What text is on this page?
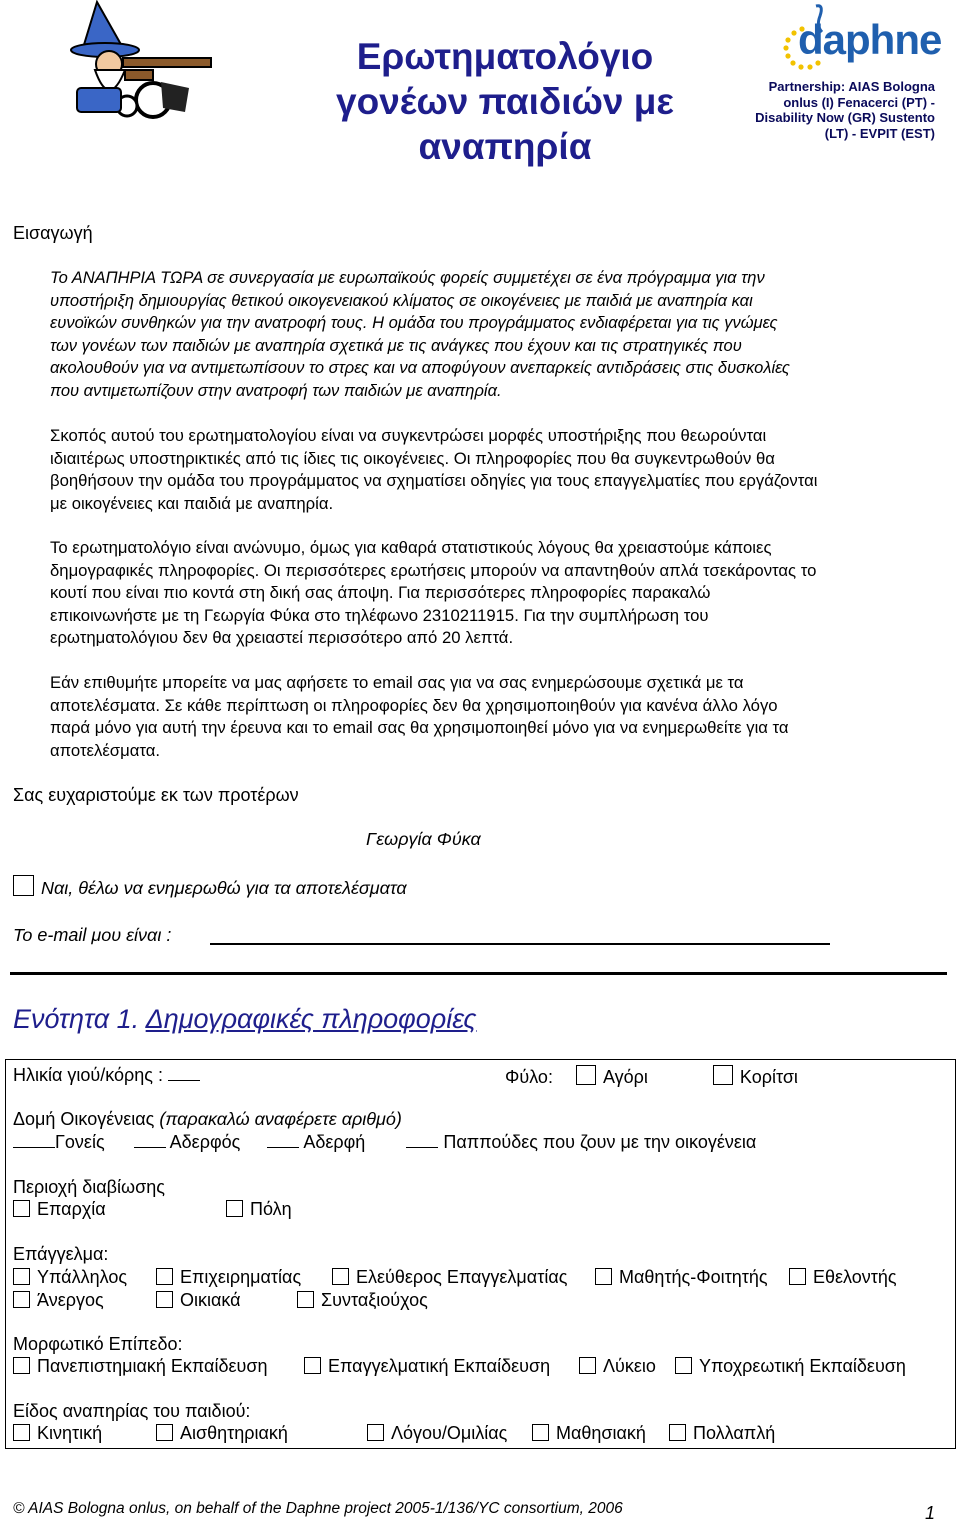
Ερωτηματολόγιο
γονέων παιδιών με
αναπηρία
daphne
Partnership: AIAS Bologna
onlus (I) Fenacerci (PT) -
Disability Now (GR) Sustento
(LT) - EVPIT (EST)
Εισαγωγή
Το ΑΝΑΠΗΡΙΑ ΤΩΡΑ σε συνεργασία με ευρωπαϊκούς φορείς συμμετέχει σε ένα πρόγραμμα για την
υποστήριξη δημιουργίας θετικού οικογενειακού κλίματος σε οικογένειες με παιδιά με αναπηρία και
ευνοϊκών συνθηκών για την ανατροφή τους. Η ομάδα του προγράμματος ενδιαφέρεται για τις γνώμες
των γονέων των παιδιών με αναπηρία σχετικά με τις ανάγκες που έχουν και τις στρατηγικές που
ακολουθούν για να αντιμετωπίσουν το στρες και να αποφύγουν ανεπαρκείς αντιδράσεις στις δυσκολίες
που αντιμετωπίζουν στην ανατροφή των παιδιών με αναπηρία.
Σκοπός αυτού του ερωτηματολογίου είναι να συγκεντρώσει μορφές υποστήριξης που θεωρούνται
ιδιαιτέρως υποστηρικτικές από τις ίδιες τις οικογένειες. Οι πληροφορίες που θα συγκεντρωθούν θα
βοηθήσουν την ομάδα του προγράμματος να σχηματίσει οδηγίες για τους επαγγελματίες που εργάζονται
με οικογένειες και παιδιά με αναπηρία.
Το ερωτηματολόγιο είναι ανώνυμο, όμως για καθαρά στατιστικούς λόγους θα χρειαστούμε κάποιες
δημογραφικές πληροφορίες. Οι περισσότερες ερωτήσεις μπορούν να απαντηθούν απλά τσεκάροντας το
κουτί που είναι πιο κοντά στη δική σας άποψη. Για περισσότερες πληροφορίες παρακαλώ
επικοινωνήστε με τη Γεωργία Φύκα στο τηλέφωνο 2310211915. Για την συμπλήρωση του
ερωτηματολόγιου δεν θα χρειαστεί περισσότερο από 20 λεπτά.
Εάν επιθυμήτε μπορείτε να μας αφήσετε το email σας για να σας ενημερώσουμε σχετικά με τα
αποτελέσματα. Σε κάθε περίπτωση οι πληροφορίες δεν θα χρησιμοποιηθούν για κανένα άλλο λόγο
παρά μόνο για αυτή την έρευνα και το email σας θα χρησιμοποιηθεί μόνο για να ενημερωθείτε για τα
αποτελέσματα.
Σας ευχαριστούμε εκ των προτέρων
Γεωργία Φύκα
Ναι, θέλω να ενημερωθώ για τα αποτελέσματα
Το e-mail μου είναι :
Ενότητα 1. Δημογραφικές πληροφορίες
Ηλικία γιού/κόρης :	Φύλο:	Αγόρι	Κορίτσι
Δομή Οικογένειας (παρακαλώ αναφέρετε αριθμό)
Γονείς	Αδερφός	Αδερφή	Παππούδες που ζουν με την οικογένεια
Περιοχή διαβίωσης
Επαρχία	Πόλη
Επάγγελμα:
Υπάλληλος	Επιχειρηματίας	Ελεύθερος Επαγγελματίας	Μαθητής-Φοιτητής	Εθελοντής
Άνεργος	Οικιακά	Συνταξιούχος
Μορφωτικό Επίπεδο:
Πανεπιστημιακή Εκπαίδευση	Επαγγελματική Εκπαίδευση	Λύκειο	Υποχρεωτική Εκπαίδευση
Είδος αναπηρίας του παιδιού:
Κινητική	Αισθητηριακή	Λόγου/Ομιλίας	Μαθησιακή	Πολλαπλή
© AIAS Bologna onlus, on behalf of the Daphne project 2005-1/136/YC consortium, 2006	1
